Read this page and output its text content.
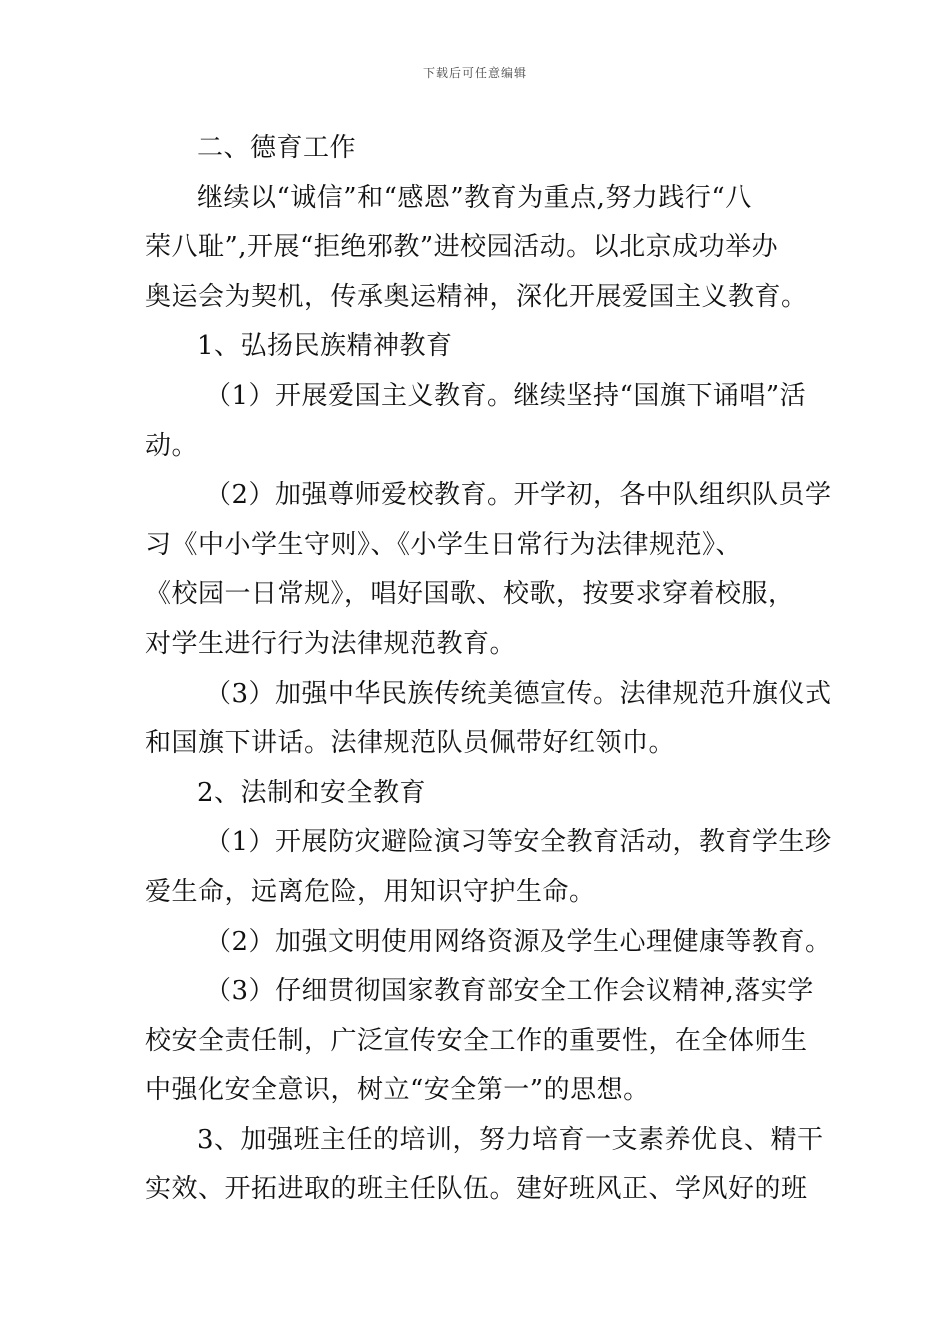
下载后可任意编辑
二、德育工作
继续以“诚信”和“感恩”教育为重点,努力践行“八
荣八耻”,开展“拒绝邪教”进校园活动。以北京成功举办
奥运会为契机，传承奥运精神，深化开展爱国主义教育。
1、弘扬民族精神教育
（1）开展爱国主义教育。继续坚持“国旗下诵唱”活
动。
（2）加强尊师爱校教育。开学初，各中队组织队员学
习《中小学生守则》、《小学生日常行为法律规范》、
《校园一日常规》，唱好国歌、校歌，按要求穿着校服，
对学生进行行为法律规范教育。
（3）加强中华民族传统美德宣传。法律规范升旗仪式
和国旗下讲话。法律规范队员佩带好红领巾。
2、法制和安全教育
（1）开展防灾避险演习等安全教育活动，教育学生珍
爱生命，远离危险，用知识守护生命。
（2）加强文明使用网络资源及学生心理健康等教育。
（3）仔细贯彻国家教育部安全工作会议精神,落实学
校安全责任制，广泛宣传安全工作的重要性，在全体师生
中强化安全意识，树立“安全第一”的思想。
3、加强班主任的培训，努力培育一支素养优良、精干
实效、开拓进取的班主任队伍。建好班风正、学风好的班
